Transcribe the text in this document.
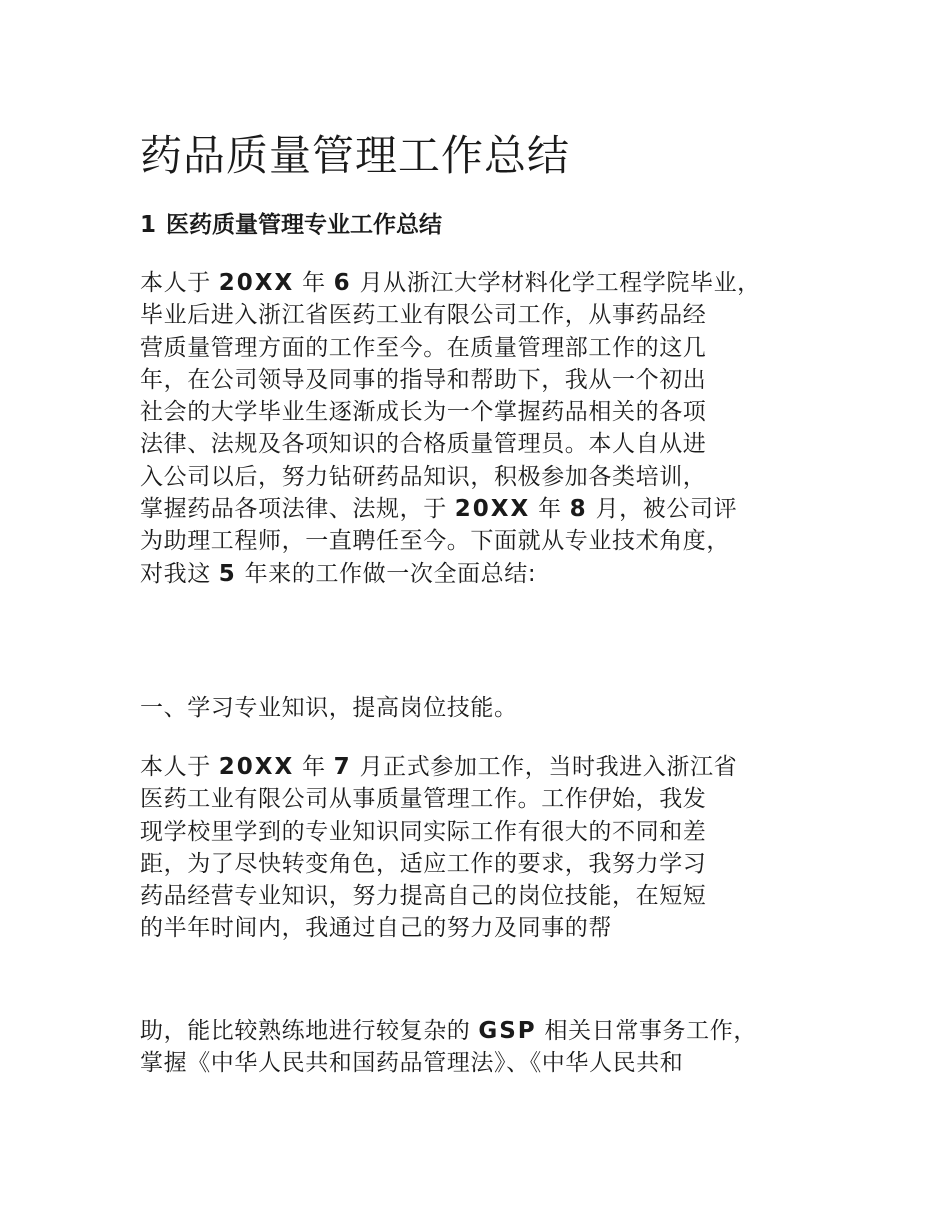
药品质量管理工作总结
1 医药质量管理专业工作总结

本人于 20XX 年 6 月从浙江大学材料化学工程学院毕业，
毕业后进入浙江省医药工业有限公司工作，从事药品经
营质量管理方面的工作至今。在质量管理部工作的这几
年，在公司领导及同事的指导和帮助下，我从一个初出
社会的大学毕业生逐渐成长为一个掌握药品相关的各项
法律、法规及各项知识的合格质量管理员。本人自从进
入公司以后，努力钻研药品知识，积极参加各类培训，
掌握药品各项法律、法规，于 20XX 年 8 月，被公司评
为助理工程师，一直聘任至今。下面就从专业技术角度，
对我这 5 年来的工作做一次全面总结:

一、学习专业知识，提高岗位技能。

本人于 20XX 年 7 月正式参加工作，当时我进入浙江省
医药工业有限公司从事质量管理工作。工作伊始，我发
现学校里学到的专业知识同实际工作有很大的不同和差
距，为了尽快转变角色，适应工作的要求，我努力学习
药品经营专业知识，努力提高自己的岗位技能，在短短
的半年时间内，我通过自己的努力及同事的帮

助，能比较熟练地进行较复杂的 GSP 相关日常事务工作，
掌握《中华人民共和国药品管理法》、《中华人民共和
